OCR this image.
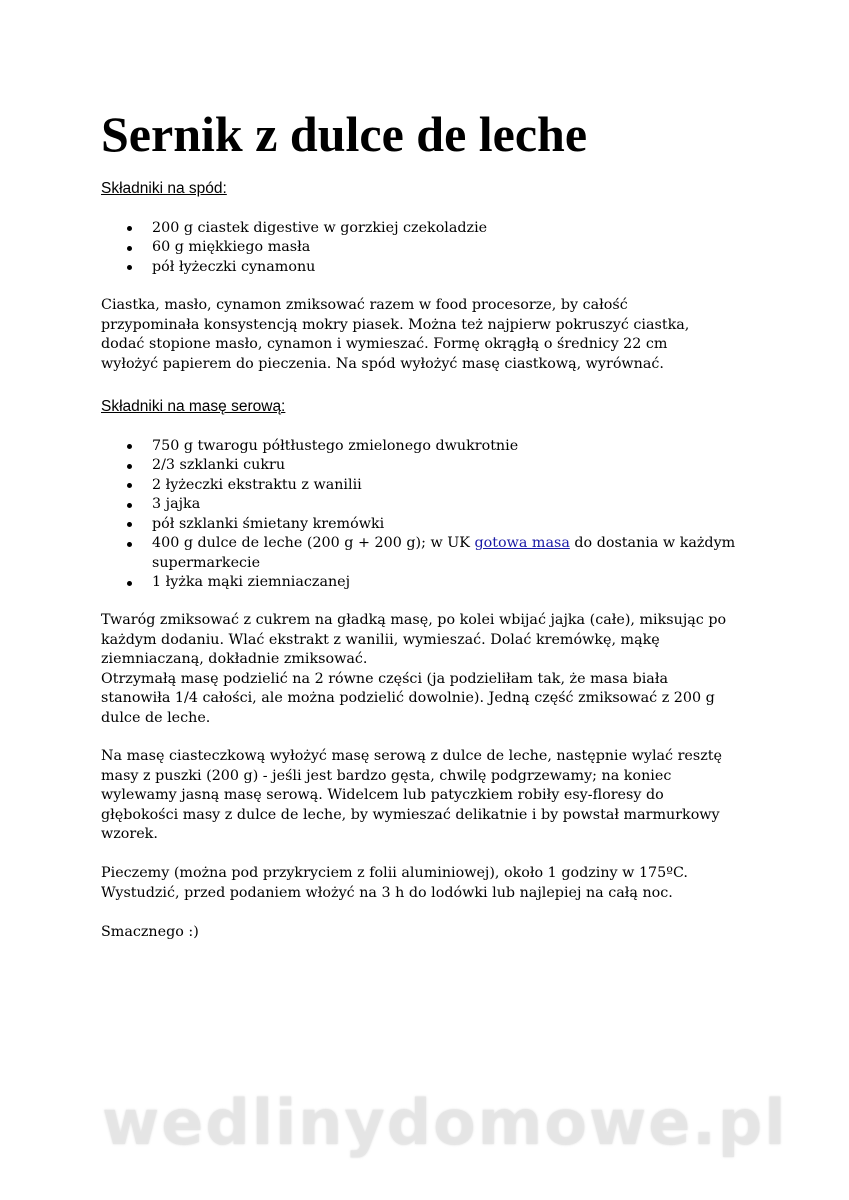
Sernik z dulce de leche

Składniki na spód:

200 g ciastek digestive w gorzkiej czekoladzie
60 g miękkiego masła
pół łyżeczki cynamonu

Ciastka, masło, cynamon zmiksować razem w food procesorze, by całość

przypominała konsystencją mokry piasek. Można też najpierw pokruszyć ciastka,

dodać stopione masło, cynamon i wymieszać. Formę okrągłą o średnicy 22 cm

wyłożyć papierem do pieczenia. Na spód wyłożyć masę ciastkową, wyrównać.

Składniki na masę serową:

750 g twarogu półtłustego zmielonego dwukrotnie
2/3 szklanki cukru
2 łyżeczki ekstraktu z wanilii
3 jajka
pół szklanki śmietany kremówki
400 g dulce de leche (200 g + 200 g); w UK gotowa masa do dostania w każdym
supermarkecie
1 łyżka mąki ziemniaczanej

Twaróg zmiksować z cukrem na gładką masę, po kolei wbijać jajka (całe), miksując po

każdym dodaniu. Wlać ekstrakt z wanilii, wymieszać. Dolać kremówkę, mąkę

ziemniaczaną, dokładnie zmiksować.

Otrzymałą masę podzielić na 2 równe części (ja podzieliłam tak, że masa biała

stanowiła 1/4 całości, ale można podzielić dowolnie). Jedną część zmiksować z 200 g

dulce de leche.

Na masę ciasteczkową wyłożyć masę serową z dulce de leche, następnie wylać resztę

masy z puszki (200 g) - jeśli jest bardzo gęsta, chwilę podgrzewamy; na koniec

wylewamy jasną masę serową. Widelcem lub patyczkiem robiły esy-floresy do

głębokości masy z dulce de leche, by wymieszać delikatnie i by powstał marmurkowy

wzorek.

Pieczemy (można pod przykryciem z folii aluminiowej), około 1 godziny w 175ºC.

Wystudzić, przed podaniem włożyć na 3 h do lodówki lub najlepiej na całą noc.

Smacznego :)

wedlinydomowe.pl
